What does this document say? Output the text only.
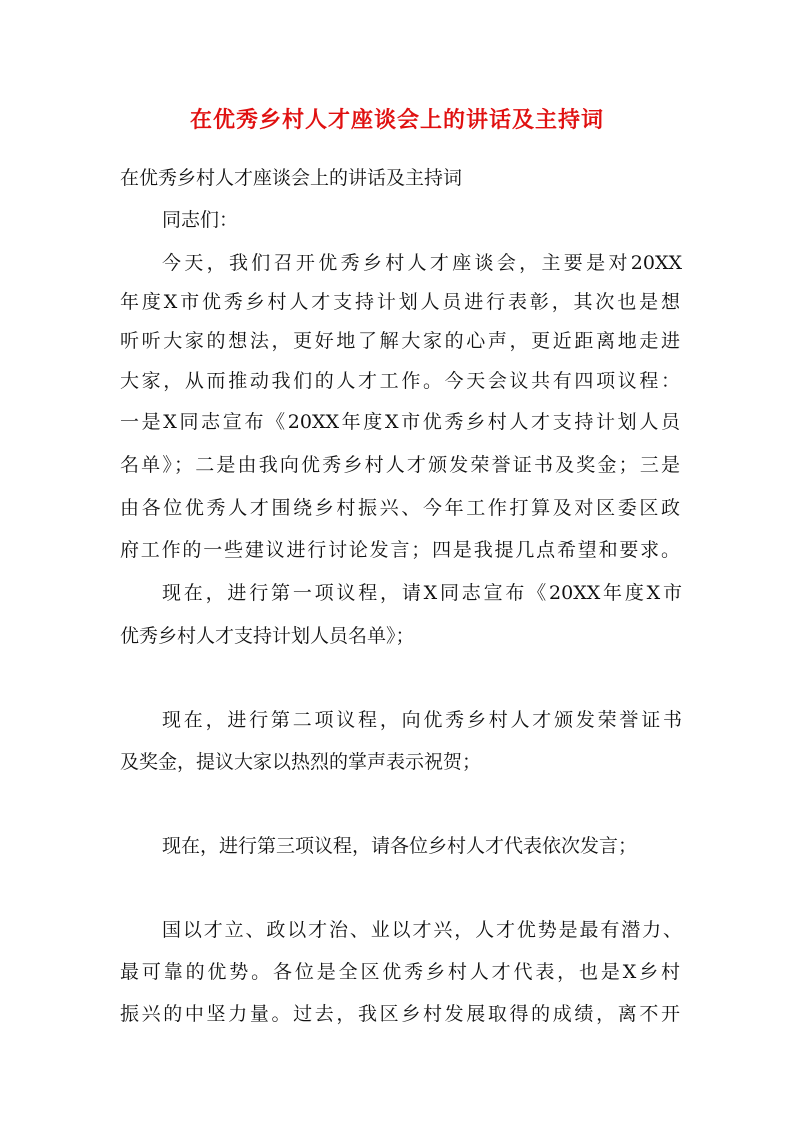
在优秀乡村人才座谈会上的讲话及主持词
在优秀乡村人才座谈会上的讲话及主持词
同志们：
今天，我们召开优秀乡村人才座谈会，主要是对20XX
年度X市优秀乡村人才支持计划人员进行表彰，其次也是想
听听大家的想法，更好地了解大家的心声，更近距离地走进
大家，从而推动我们的人才工作。今天会议共有四项议程：
一是X同志宣布《20XX年度X市优秀乡村人才支持计划人员
名单》；二是由我向优秀乡村人才颁发荣誉证书及奖金；三是
由各位优秀人才围绕乡村振兴、今年工作打算及对区委区政
府工作的一些建议进行讨论发言；四是我提几点希望和要求。
现在，进行第一项议程，请X同志宣布《20XX年度X市
优秀乡村人才支持计划人员名单》；
现在，进行第二项议程，向优秀乡村人才颁发荣誉证书
及奖金，提议大家以热烈的掌声表示祝贺；
现在，进行第三项议程，请各位乡村人才代表依次发言；
国以才立、政以才治、业以才兴，人才优势是最有潜力、
最可靠的优势。各位是全区优秀乡村人才代表，也是X乡村
振兴的中坚力量。过去，我区乡村发展取得的成绩，离不开
